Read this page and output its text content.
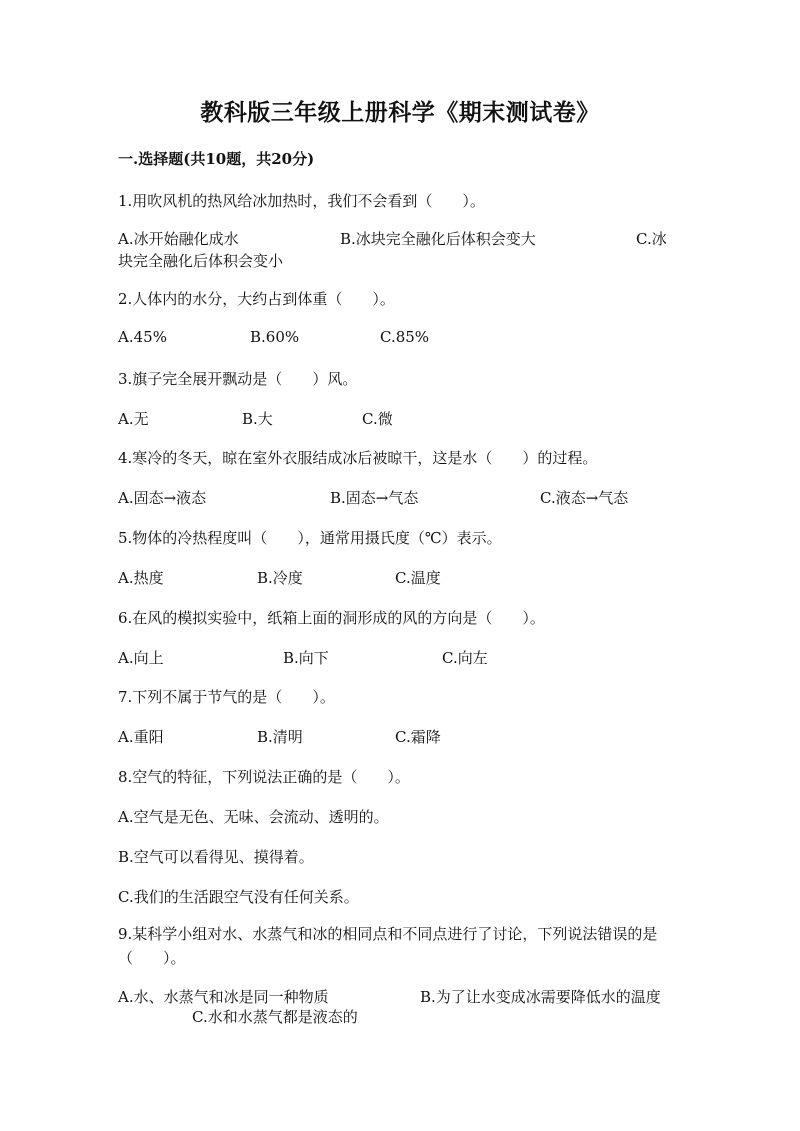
教科版三年级上册科学《期末测试卷》
一.选择题(共10题，共20分)
1.用吹风机的热风给冰加热时，我们不会看到（　　）。
A.冰开始融化成水	B.冰块完全融化后体积会变大	C.冰
块完全融化后体积会变小
2.人体内的水分，大约占到体重（　　）。
A.45%	B.60%	C.85%
3.旗子完全展开飘动是（　　）风。
A.无	B.大	C.微
4.寒冷的冬天，晾在室外衣服结成冰后被晾干，这是水（　　）的过程。
A.固态→液态	B.固态→气态	C.液态→气态
5.物体的冷热程度叫（　　），通常用摄氏度（℃）表示。
A.热度	B.冷度	C.温度
6.在风的模拟实验中，纸箱上面的洞形成的风的方向是（　　）。
A.向上	B.向下	C.向左
7.下列不属于节气的是（　　）。
A.重阳	B.清明	C.霜降
8.空气的特征，下列说法正确的是（　　）。
A.空气是无色、无味、会流动、透明的。
B.空气可以看得见、摸得着。
C.我们的生活跟空气没有任何关系。
9.某科学小组对水、水蒸气和冰的相同点和不同点进行了讨论，下列说法错误的是（　　）。
A.水、水蒸气和冰是同一种物质	B.为了让水变成冰需要降低水的温度
C.水和水蒸气都是液态的
